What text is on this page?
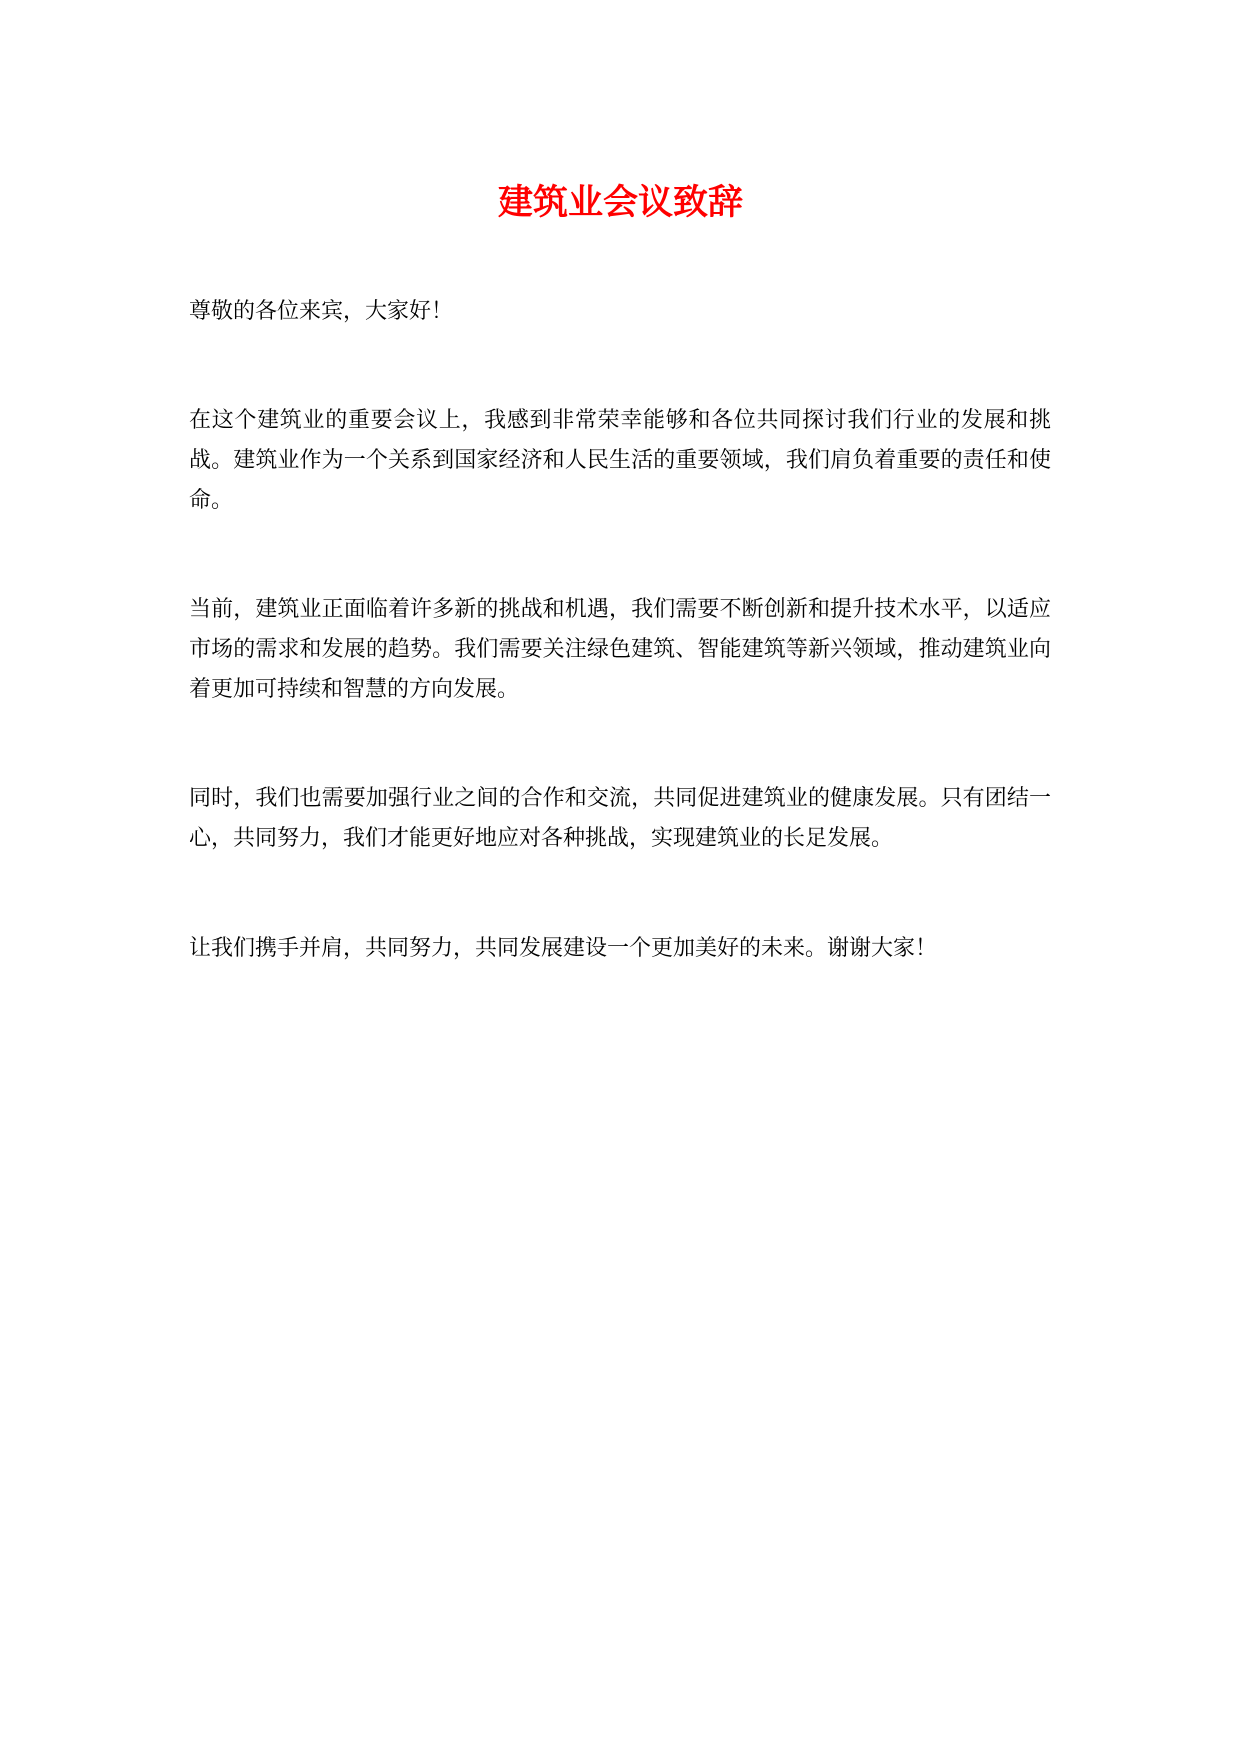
建筑业会议致辞

尊敬的各位来宾，大家好！

在这个建筑业的重要会议上，我感到非常荣幸能够和各位共同探讨我们行业的发展和挑战。建筑业作为一个关系到国家经济和人民生活的重要领域，我们肩负着重要的责任和使命。

当前，建筑业正面临着许多新的挑战和机遇，我们需要不断创新和提升技术水平，以适应市场的需求和发展的趋势。我们需要关注绿色建筑、智能建筑等新兴领域，推动建筑业向着更加可持续和智慧的方向发展。

同时，我们也需要加强行业之间的合作和交流，共同促进建筑业的健康发展。只有团结一心，共同努力，我们才能更好地应对各种挑战，实现建筑业的长足发展。

让我们携手并肩，共同努力，共同发展建设一个更加美好的未来。谢谢大家！
